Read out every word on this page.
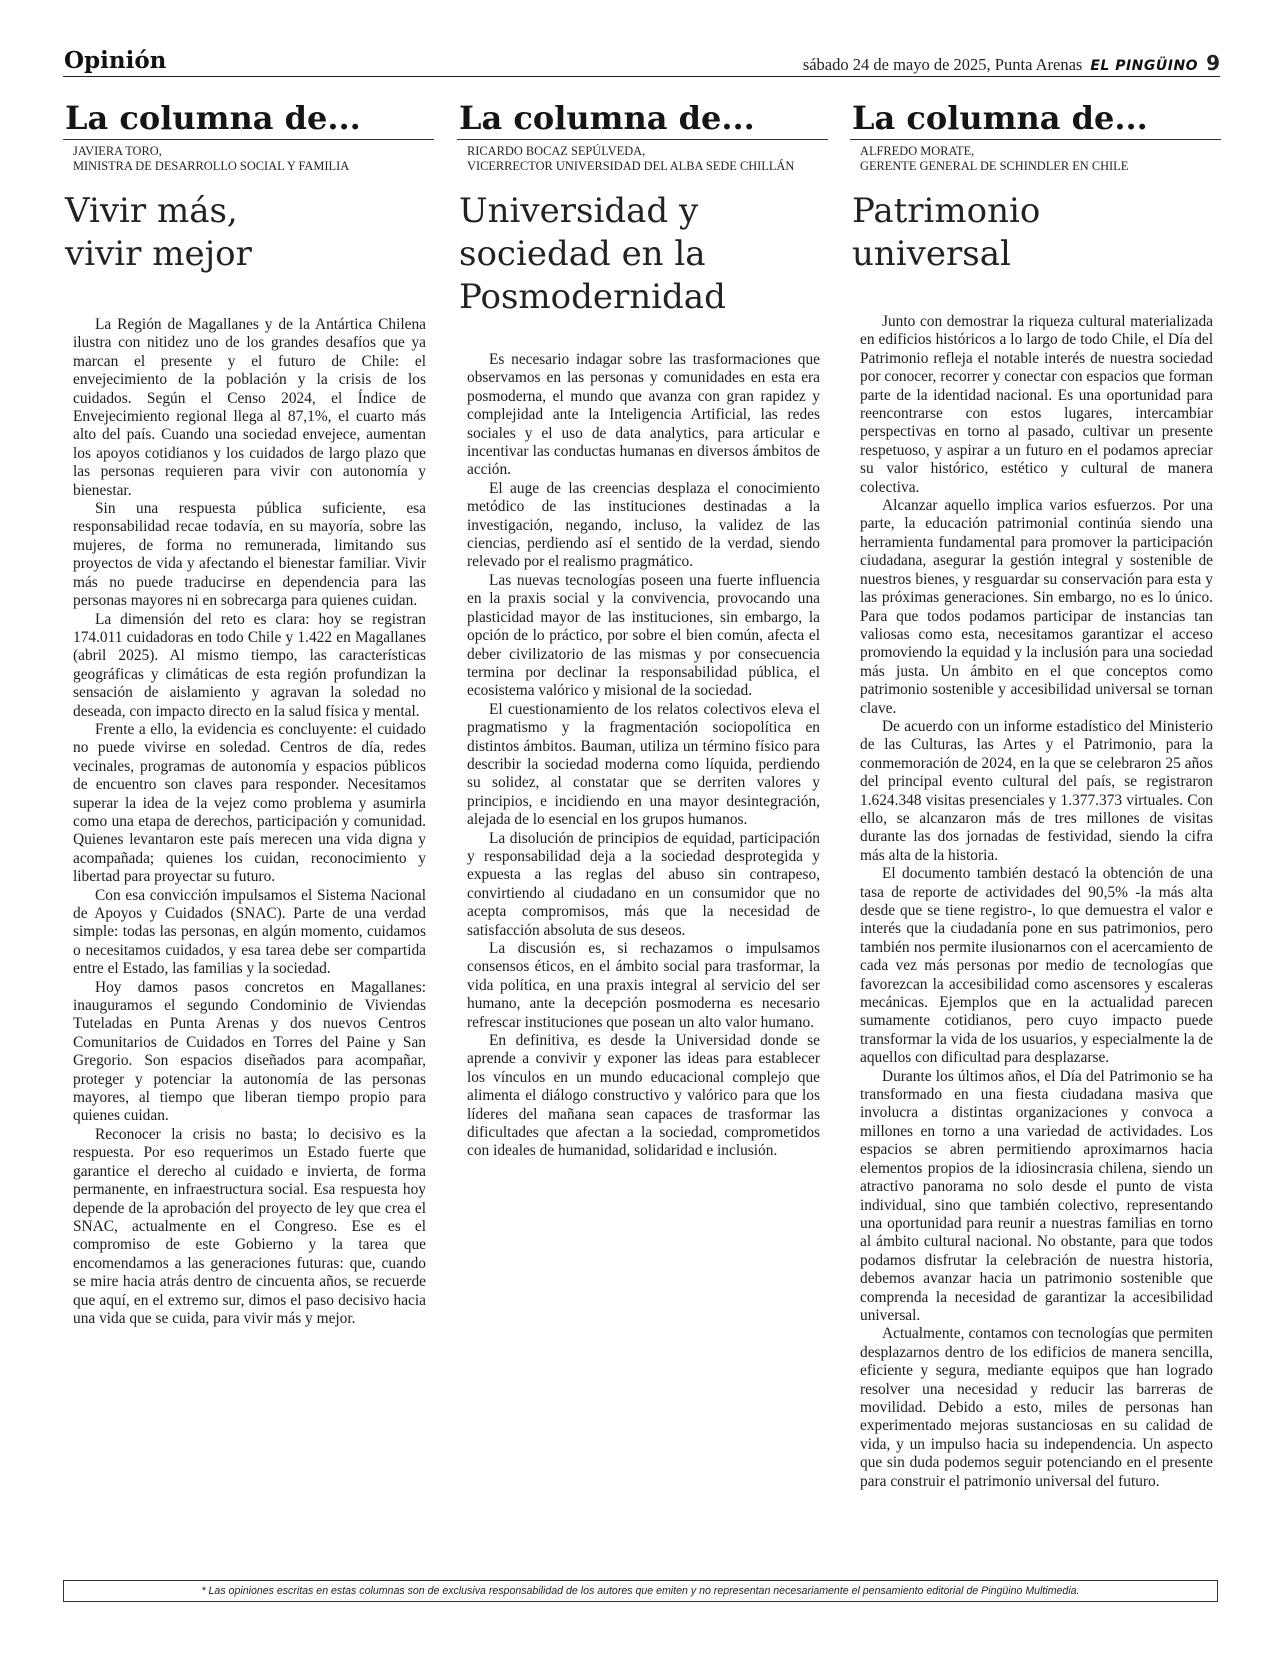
Opinión	sábado 24 de mayo de 2025, Punta Arenas EL PINGÜINO 9
La columna de...
JAVIERA TORO,
MINISTRA DE DESARROLLO SOCIAL Y FAMILIA
Vivir más,
vivir mejor

La Región de Magallanes y de la Antártica Chilena ilustra con nitidez uno de los grandes desafíos que ya marcan el presente y el futuro de Chile: el envejecimiento de la población y la crisis de los cuidados. Según el Censo 2024, el Índice de Envejecimiento regional llega al 87,1%, el cuarto más alto del país. Cuando una sociedad envejece, aumentan los apoyos cotidianos y los cuidados de largo plazo que las personas requieren para vivir con autonomía y bienestar.

Sin una respuesta pública suficiente, esa responsabilidad recae todavía, en su mayoría, sobre las mujeres, de forma no remunerada, limitando sus proyectos de vida y afectando el bienestar familiar. Vivir más no puede traducirse en dependencia para las personas mayores ni en sobrecarga para quienes cuidan.

La dimensión del reto es clara: hoy se registran 174.011 cuidadoras en todo Chile y 1.422 en Magallanes (abril 2025). Al mismo tiempo, las características geográficas y climáticas de esta región profundizan la sensación de aislamiento y agravan la soledad no deseada, con impacto directo en la salud física y mental.

Frente a ello, la evidencia es concluyente: el cuidado no puede vivirse en soledad. Centros de día, redes vecinales, programas de autonomía y espacios públicos de encuentro son claves para responder. Necesitamos superar la idea de la vejez como problema y asumirla como una etapa de derechos, participación y comunidad. Quienes levantaron este país merecen una vida digna y acompañada; quienes los cuidan, reconocimiento y libertad para proyectar su futuro.

Con esa convicción impulsamos el Sistema Nacional de Apoyos y Cuidados (SNAC). Parte de una verdad simple: todas las personas, en algún momento, cuidamos o necesitamos cuidados, y esa tarea debe ser compartida entre el Estado, las familias y la sociedad.

Hoy damos pasos concretos en Magallanes: inauguramos el segundo Condominio de Viviendas Tuteladas en Punta Arenas y dos nuevos Centros Comunitarios de Cuidados en Torres del Paine y San Gregorio. Son espacios diseñados para acompañar, proteger y potenciar la autonomía de las personas mayores, al tiempo que liberan tiempo propio para quienes cuidan.

Reconocer la crisis no basta; lo decisivo es la respuesta. Por eso requerimos un Estado fuerte que garantice el derecho al cuidado e invierta, de forma permanente, en infraestructura social. Esa respuesta hoy depende de la aprobación del proyecto de ley que crea el SNAC, actualmente en el Congreso. Ese es el compromiso de este Gobierno y la tarea que encomendamos a las generaciones futuras: que, cuando se mire hacia atrás dentro de cincuenta años, se recuerde que aquí, en el extremo sur, dimos el paso decisivo hacia una vida que se cuida, para vivir más y mejor.

La columna de...
RICARDO BOCAZ SEPÚLVEDA,
VICERRECTOR UNIVERSIDAD DEL ALBA SEDE CHILLÁN
Universidad y
sociedad en la
Posmodernidad

Es necesario indagar sobre las trasformaciones que observamos en las personas y comunidades en esta era posmoderna, el mundo que avanza con gran rapidez y complejidad ante la Inteligencia Artificial, las redes sociales y el uso de data analytics, para articular e incentivar las conductas humanas en diversos ámbitos de acción.

El auge de las creencias desplaza el conocimiento metódico de las instituciones destinadas a la investigación, negando, incluso, la validez de las ciencias, perdiendo así el sentido de la verdad, siendo relevado por el realismo pragmático.

Las nuevas tecnologías poseen una fuerte influencia en la praxis social y la convivencia, provocando una plasticidad mayor de las instituciones, sin embargo, la opción de lo práctico, por sobre el bien común, afecta el deber civilizatorio de las mismas y por consecuencia termina por declinar la responsabilidad pública, el ecosistema valórico y misional de la sociedad.

El cuestionamiento de los relatos colectivos eleva el pragmatismo y la fragmentación sociopolítica en distintos ámbitos. Bauman, utiliza un término físico para describir la sociedad moderna como líquida, perdiendo su solidez, al constatar que se derriten valores y principios, e incidiendo en una mayor desintegración, alejada de lo esencial en los grupos humanos.

La disolución de principios de equidad, participación y responsabilidad deja a la sociedad desprotegida y expuesta a las reglas del abuso sin contrapeso, convirtiendo al ciudadano en un consumidor que no acepta compromisos, más que la necesidad de satisfacción absoluta de sus deseos.

La discusión es, si rechazamos o impulsamos consensos éticos, en el ámbito social para trasformar, la vida política, en una praxis integral al servicio del ser humano, ante la decepción posmoderna es necesario refrescar instituciones que posean un alto valor humano.

En definitiva, es desde la Universidad donde se aprende a convivir y exponer las ideas para establecer los vínculos en un mundo educacional complejo que alimenta el diálogo constructivo y valórico para que los líderes del mañana sean capaces de trasformar las dificultades que afectan a la sociedad, comprometidos con ideales de humanidad, solidaridad e inclusión.

La columna de...
ALFREDO MORATE,
GERENTE GENERAL DE SCHINDLER EN CHILE
Patrimonio
universal

Junto con demostrar la riqueza cultural materializada en edificios históricos a lo largo de todo Chile, el Día del Patrimonio refleja el notable interés de nuestra sociedad por conocer, recorrer y conectar con espacios que forman parte de la identidad nacional. Es una oportunidad para reencontrarse con estos lugares, intercambiar perspectivas en torno al pasado, cultivar un presente respetuoso, y aspirar a un futuro en el podamos apreciar su valor histórico, estético y cultural de manera colectiva.

Alcanzar aquello implica varios esfuerzos. Por una parte, la educación patrimonial continúa siendo una herramienta fundamental para promover la participación ciudadana, asegurar la gestión integral y sostenible de nuestros bienes, y resguardar su conservación para esta y las próximas generaciones. Sin embargo, no es lo único. Para que todos podamos participar de instancias tan valiosas como esta, necesitamos garantizar el acceso promoviendo la equidad y la inclusión para una sociedad más justa. Un ámbito en el que conceptos como patrimonio sostenible y accesibilidad universal se tornan clave.

De acuerdo con un informe estadístico del Ministerio de las Culturas, las Artes y el Patrimonio, para la conmemoración de 2024, en la que se celebraron 25 años del principal evento cultural del país, se registraron 1.624.348 visitas presenciales y 1.377.373 virtuales. Con ello, se alcanzaron más de tres millones de visitas durante las dos jornadas de festividad, siendo la cifra más alta de la historia.

El documento también destacó la obtención de una tasa de reporte de actividades del 90,5% -la más alta desde que se tiene registro-, lo que demuestra el valor e interés que la ciudadanía pone en sus patrimonios, pero también nos permite ilusionarnos con el acercamiento de cada vez más personas por medio de tecnologías que favorezcan la accesibilidad como ascensores y escaleras mecánicas. Ejemplos que en la actualidad parecen sumamente cotidianos, pero cuyo impacto puede transformar la vida de los usuarios, y especialmente la de aquellos con dificultad para desplazarse.

Durante los últimos años, el Día del Patrimonio se ha transformado en una fiesta ciudadana masiva que involucra a distintas organizaciones y convoca a millones en torno a una variedad de actividades. Los espacios se abren permitiendo aproximarnos hacia elementos propios de la idiosincrasia chilena, siendo un atractivo panorama no solo desde el punto de vista individual, sino que también colectivo, representando una oportunidad para reunir a nuestras familias en torno al ámbito cultural nacional. No obstante, para que todos podamos disfrutar la celebración de nuestra historia, debemos avanzar hacia un patrimonio sostenible que comprenda la necesidad de garantizar la accesibilidad universal.

Actualmente, contamos con tecnologías que permiten desplazarnos dentro de los edificios de manera sencilla, eficiente y segura, mediante equipos que han logrado resolver una necesidad y reducir las barreras de movilidad. Debido a esto, miles de personas han experimentado mejoras sustanciosas en su calidad de vida, y un impulso hacia su independencia. Un aspecto que sin duda podemos seguir potenciando en el presente para construir el patrimonio universal del futuro.

* Las opiniones escritas en estas columnas son de exclusiva responsabilidad de los autores que emiten y no representan necesariamente el pensamiento editorial de Pingüino Multimedia.
